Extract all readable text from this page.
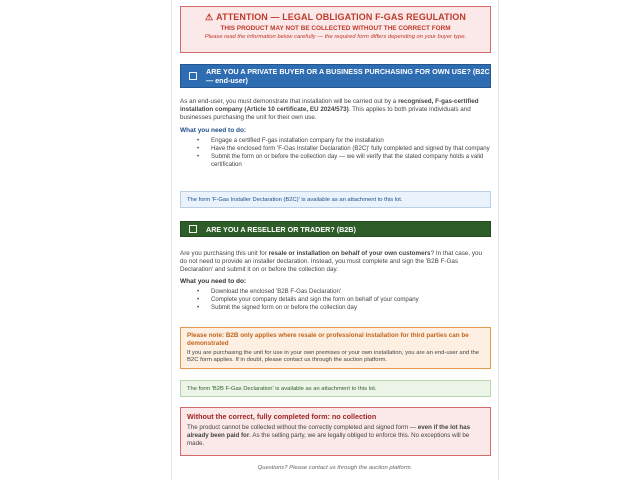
⚠ ATTENTION — LEGAL OBLIGATION F-GAS REGULATION
THIS PRODUCT MAY NOT BE COLLECTED WITHOUT THE CORRECT FORM
Please read the information below carefully — the required form differs depending on your buyer type.
ARE YOU A PRIVATE BUYER OR A BUSINESS PURCHASING FOR OWN USE? (B2C — end-user)
As an end-user, you must demonstrate that installation will be carried out by a recognised, F-gas-certified installation company (Article 10 certificate, EU 2024/573). This applies to both private individuals and businesses purchasing the unit for their own use.
What you need to do:
• Engage a certified F-gas installation company for the installation
• Have the enclosed form 'F-Gas Installer Declaration (B2C)' fully completed and signed by that company
• Submit the form on or before the collection day — we will verify that the stated company holds a valid certification
The form 'F-Gas Installer Declaration (B2C)' is available as an attachment to this lot.
ARE YOU A RESELLER OR TRADER? (B2B)
Are you purchasing this unit for resale or installation on behalf of your own customers? In that case, you do not need to provide an installer declaration. Instead, you must complete and sign the 'B2B F-Gas Declaration' and submit it on or before the collection day.
What you need to do:
• Download the enclosed 'B2B F-Gas Declaration'
• Complete your company details and sign the form on behalf of your company
• Submit the signed form on or before the collection day
Please note: B2B only applies where resale or professional installation for third parties can be demonstrated
If you are purchasing the unit for use in your own premises or your own installation, you are an end-user and the B2C form applies. If in doubt, please contact us through the auction platform.
The form 'B2B F-Gas Declaration' is available as an attachment to this lot.
Without the correct, fully completed form: no collection
The product cannot be collected without the correctly completed and signed form — even if the lot has already been paid for. As the selling party, we are legally obliged to enforce this. No exceptions will be made.
Questions? Please contact us through the auction platform.
